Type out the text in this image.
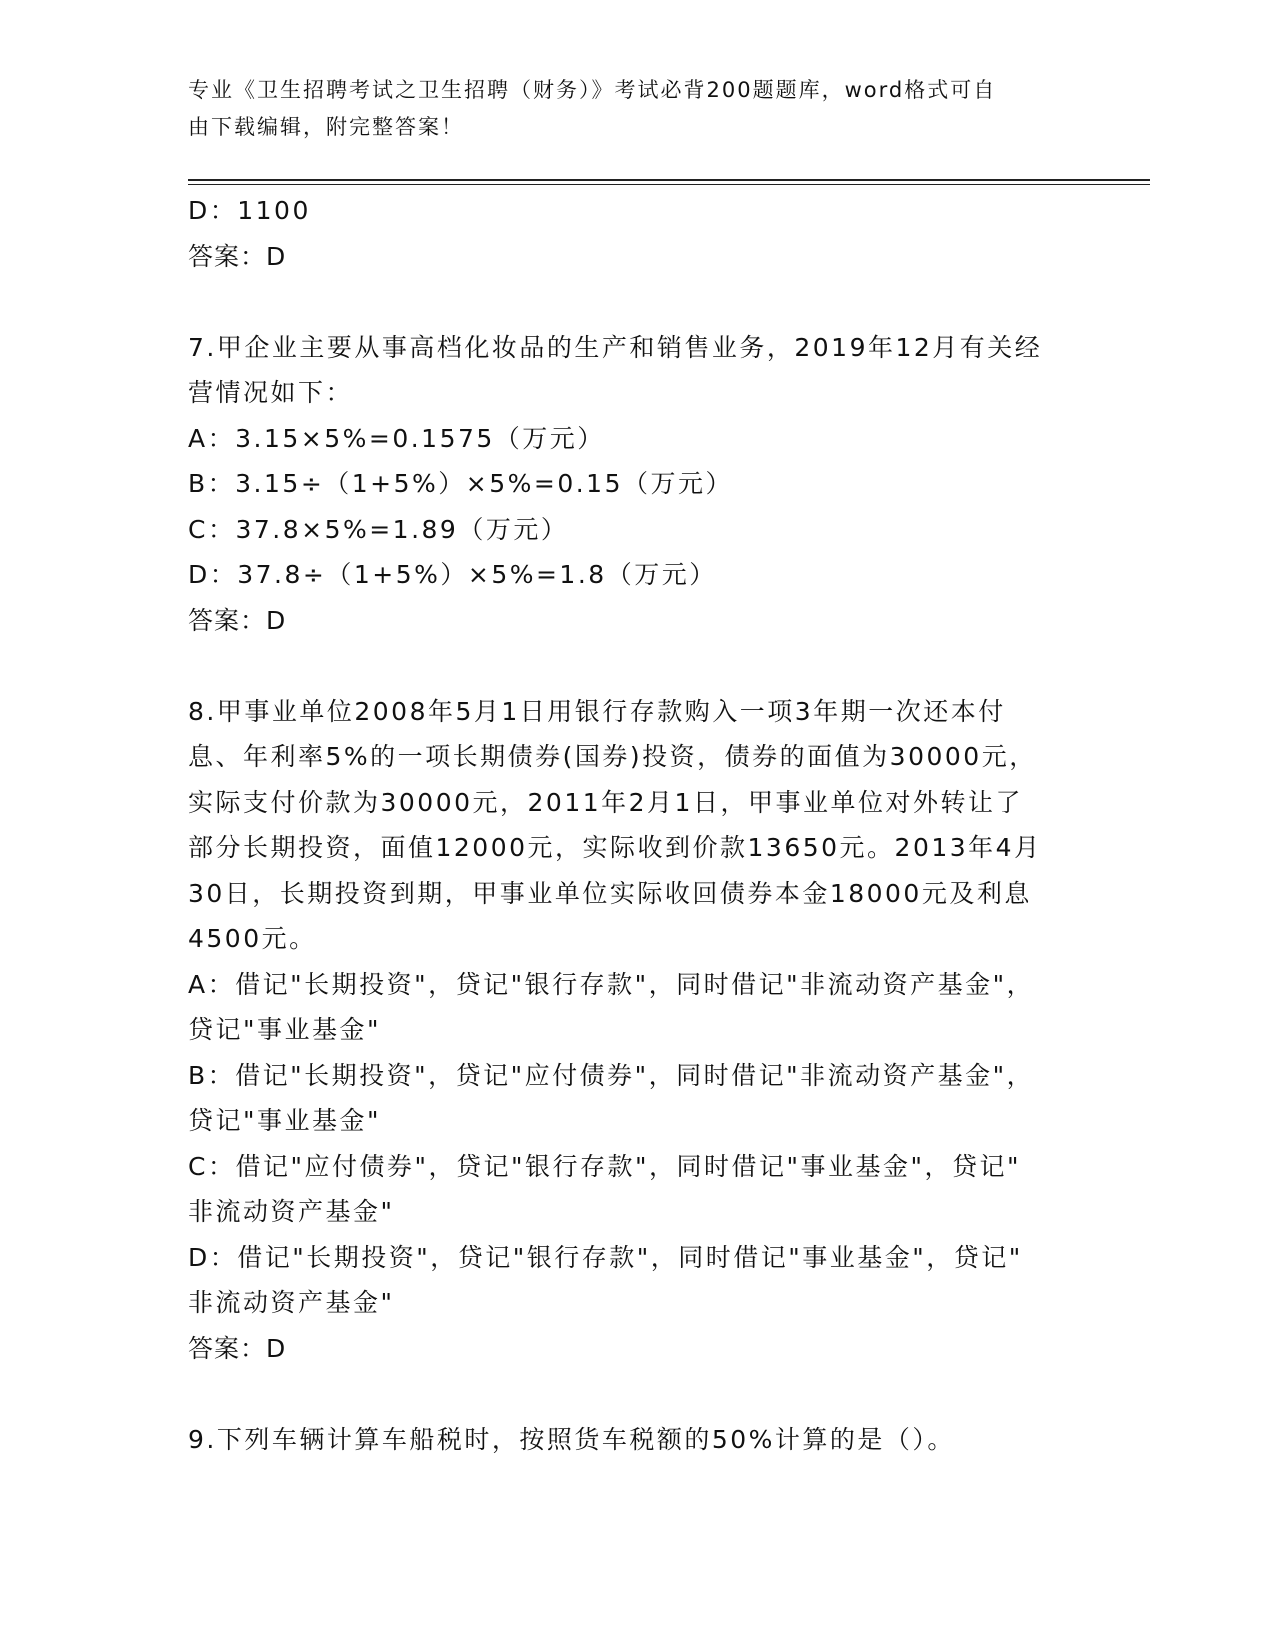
专业《卫生招聘考试之卫生招聘（财务）》考试必背200题题库，word格式可自
由下载编辑，附完整答案！
D：1100
答案：D
7.甲企业主要从事高档化妆品的生产和销售业务，2019年12月有关经
营情况如下：
A：3.15×5%=0.1575（万元）
B：3.15÷（1+5%）×5%=0.15（万元）
C：37.8×5%=1.89（万元）
D：37.8÷（1+5%）×5%=1.8（万元）
答案：D
8.甲事业单位2008年5月1日用银行存款购入一项3年期一次还本付
息、年利率5%的一项长期债券(国券)投资，债券的面值为30000元，
实际支付价款为30000元，2011年2月1日，甲事业单位对外转让了
部分长期投资，面值12000元，实际收到价款13650元。2013年4月
30日，长期投资到期，甲事业单位实际收回债券本金18000元及利息
4500元。
A：借记"长期投资"，贷记"银行存款"，同时借记"非流动资产基金"，
贷记"事业基金"
B：借记"长期投资"，贷记"应付债券"，同时借记"非流动资产基金"，
贷记"事业基金"
C：借记"应付债券"，贷记"银行存款"，同时借记"事业基金"，贷记"
非流动资产基金"
D：借记"长期投资"，贷记"银行存款"，同时借记"事业基金"，贷记"
非流动资产基金"
答案：D
9.下列车辆计算车船税时，按照货车税额的50%计算的是（）。
